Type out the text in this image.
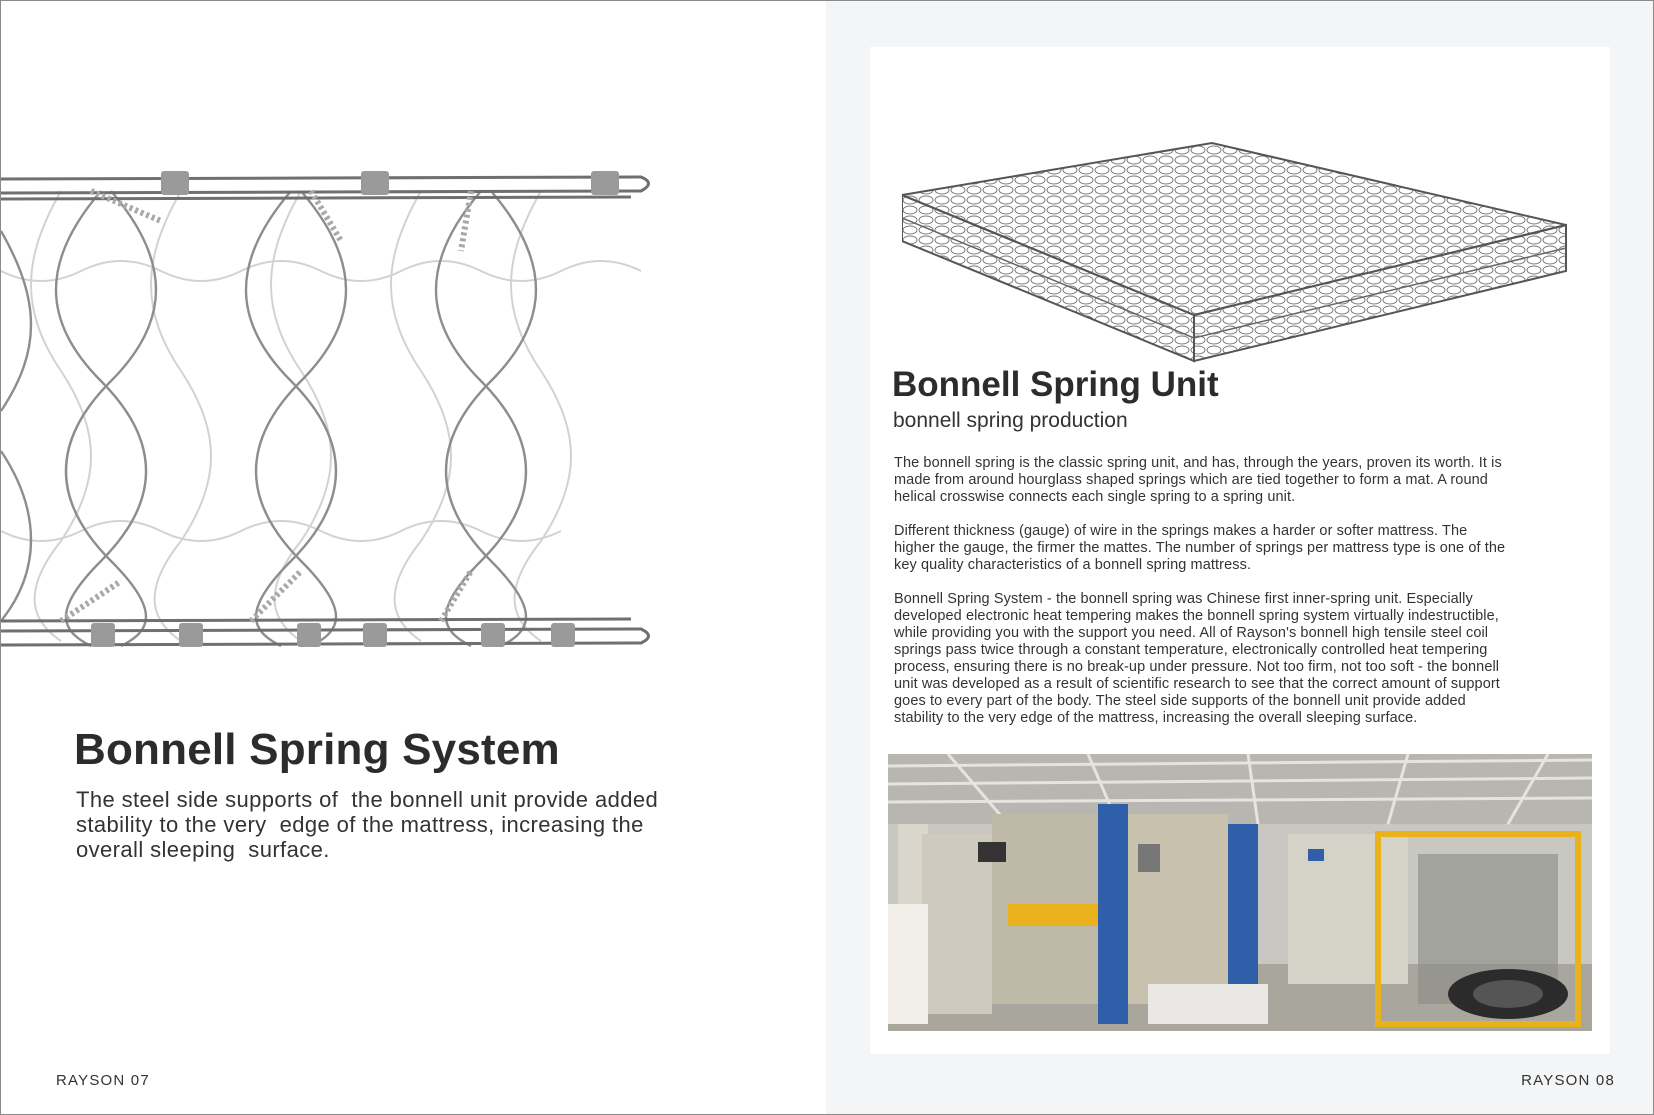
Bonnell Spring System

The steel side supports of  the bonnell unit provide added
stability to the very  edge of the mattress, increasing the
overall sleeping  surface.

RAYSON 07
Bonnell Spring Unit

bonnell spring production

The bonnell spring is the classic spring unit, and has, through the years, proven its worth. It is
made from around hourglass shaped springs which are tied together to form a mat. A round
helical crosswise connects each single spring to a spring unit.

Different thickness (gauge) of wire in the springs makes a harder or softer mattress. The
higher the gauge, the firmer the mattes. The number of springs per mattress type is one of the
key quality characteristics of a bonnell spring mattress.

Bonnell Spring System - the bonnell spring was Chinese first inner-spring unit. Especially
developed electronic heat tempering makes the bonnell spring system virtually indestructible,
while providing you with the support you need. All of Rayson's bonnell high tensile steel coil
springs pass twice through a constant temperature, electronically controlled heat tempering
process, ensuring there is no break-up under pressure. Not too firm, not too soft - the bonnell
unit was developed as a result of scientific research to see that the correct amount of support
goes to every part of the body. The steel side supports of the bonnell unit provide added
stability to the very edge of the mattress, increasing the overall sleeping surface.

RAYSON 08
